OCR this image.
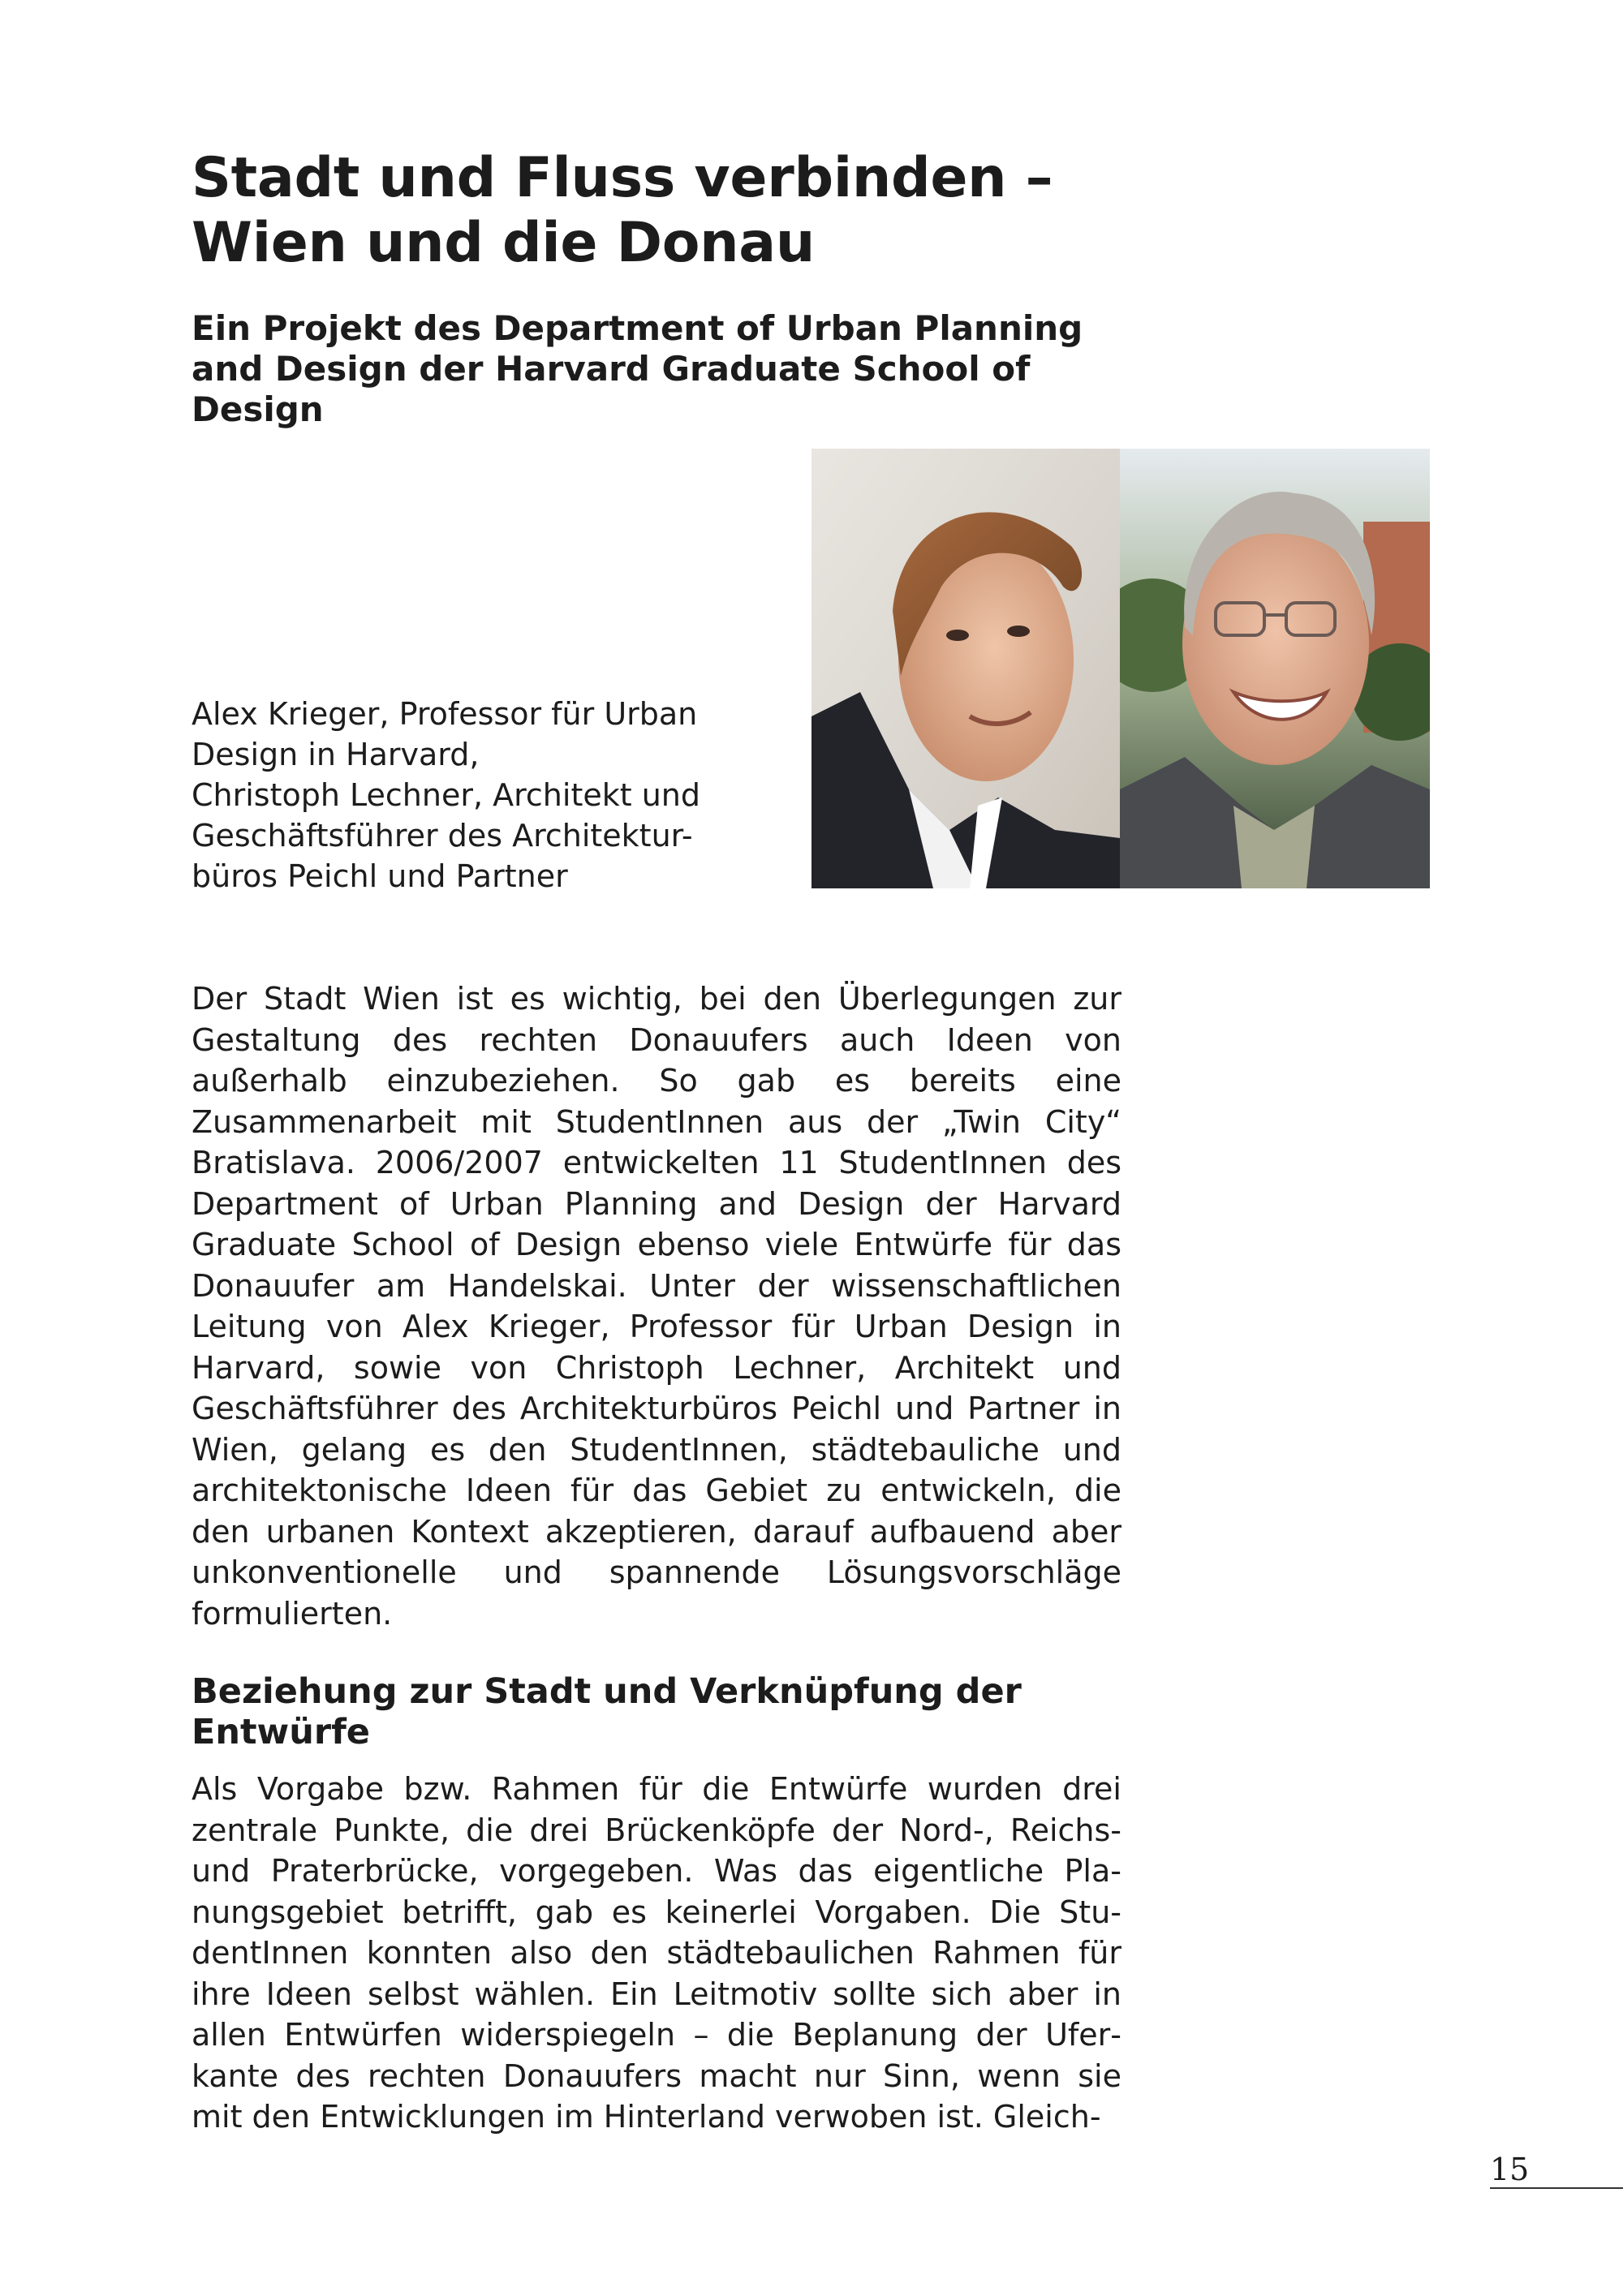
Stadt und Fluss verbinden –
Wien und die Donau
Ein Projekt des Department of Urban Planning
and Design der Harvard Graduate School of
Design

Alex Krieger, Professor für Urban
Design in Harvard,
Christoph Lechner, Architekt und
Geschäftsführer des Architektur-
büros Peichl und Partner

Der Stadt Wien ist es wichtig, bei den Überlegungen zur Gestaltung des rechten Donauufers auch Ideen von außerhalb einzubeziehen. So gab es bereits eine Zusammenarbeit mit StudentInnen aus der „Twin City“ Bratislava. 2006/2007 entwickelten 11 StudentInnen des Department of Urban Planning and Design der Harvard Graduate School of Design ebenso viele Entwürfe für das Donauufer am Handelskai. Unter der wissenschaftlichen Leitung von Alex Krieger, Professor für Urban Design in Harvard, sowie von Christoph Lechner, Architekt und Geschäftsführer des Architekturbüros Peichl und Partner in Wien, gelang es den StudentInnen, städtebauliche und architektonische Ideen für das Gebiet zu entwickeln, die den urbanen Kontext akzeptieren, darauf aufbauend aber unkonventionelle und spannende Lösungsvorschläge formulierten.

Beziehung zur Stadt und Verknüpfung der
Entwürfe

Als Vorgabe bzw. Rahmen für die Entwürfe wurden drei zentrale Punkte, die drei Brückenköpfe der Nord-, Reichs- und Praterbrücke, vorgegeben. Was das eigentliche Planungsgebiet betrifft, gab es keinerlei Vorgaben. Die StudentInnen konnten also den städtebaulichen Rahmen für ihre Ideen selbst wählen. Ein Leitmotiv sollte sich aber in allen Entwürfen widerspiegeln – die Beplanung der Uferkante des rechten Donauufers macht nur Sinn, wenn sie mit den Entwicklungen im Hinterland verwoben ist. Gleich-

15
